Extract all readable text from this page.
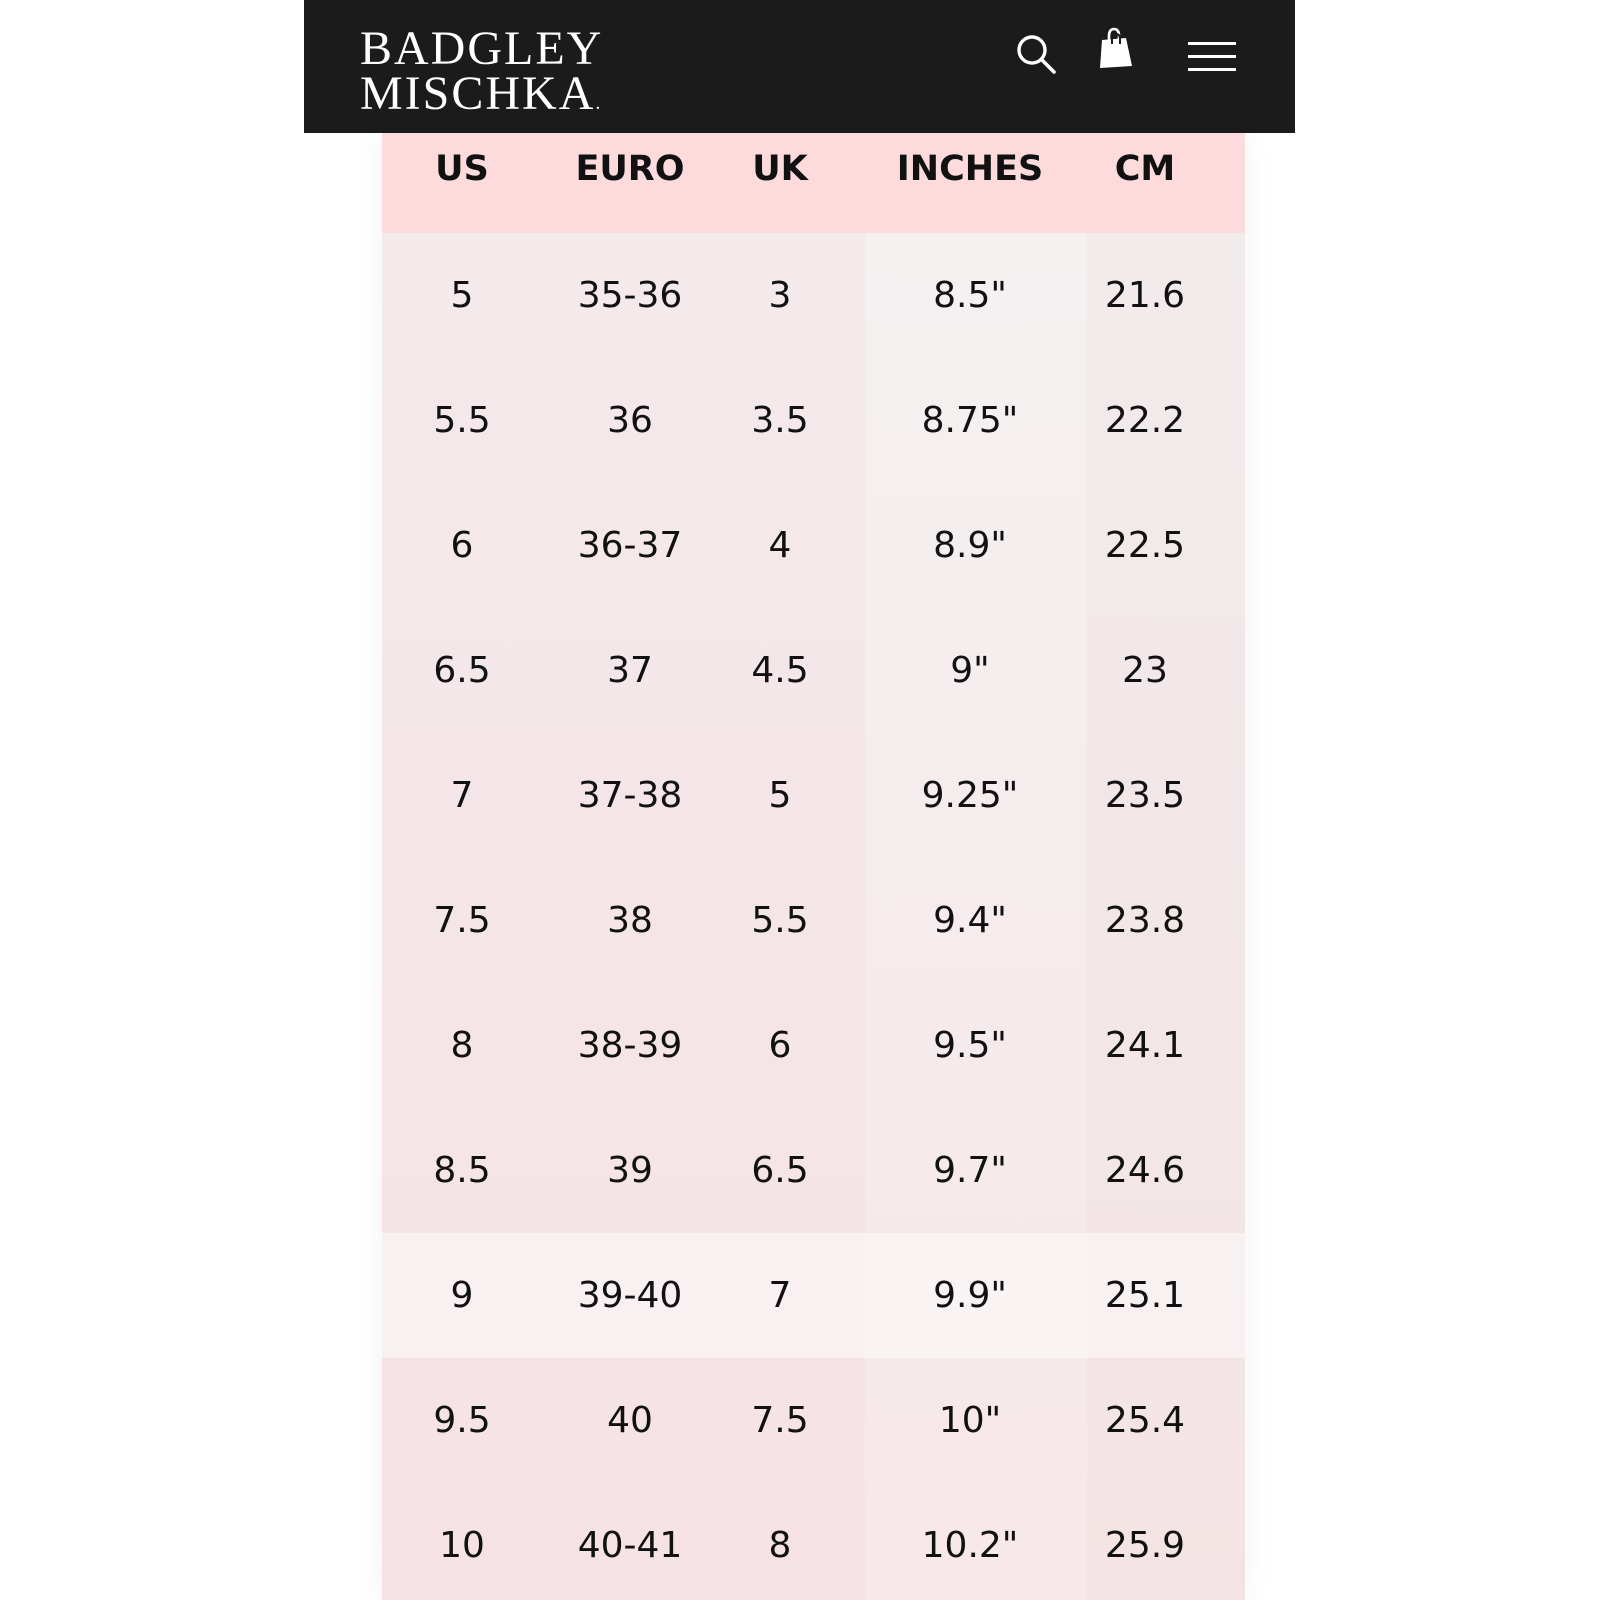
BADGLEY
MISCHKA.
US	EURO	UK	INCHES	CM
5	35-36	3	8.5"	21.6
5.5	36	3.5	8.75"	22.2
6	36-37	4	8.9"	22.5
6.5	37	4.5	9"	23
7	37-38	5	9.25"	23.5
7.5	38	5.5	9.4"	23.8
8	38-39	6	9.5"	24.1
8.5	39	6.5	9.7"	24.6
9	39-40	7	9.9"	25.1
9.5	40	7.5	10"	25.4
10	40-41	8	10.2"	25.9
